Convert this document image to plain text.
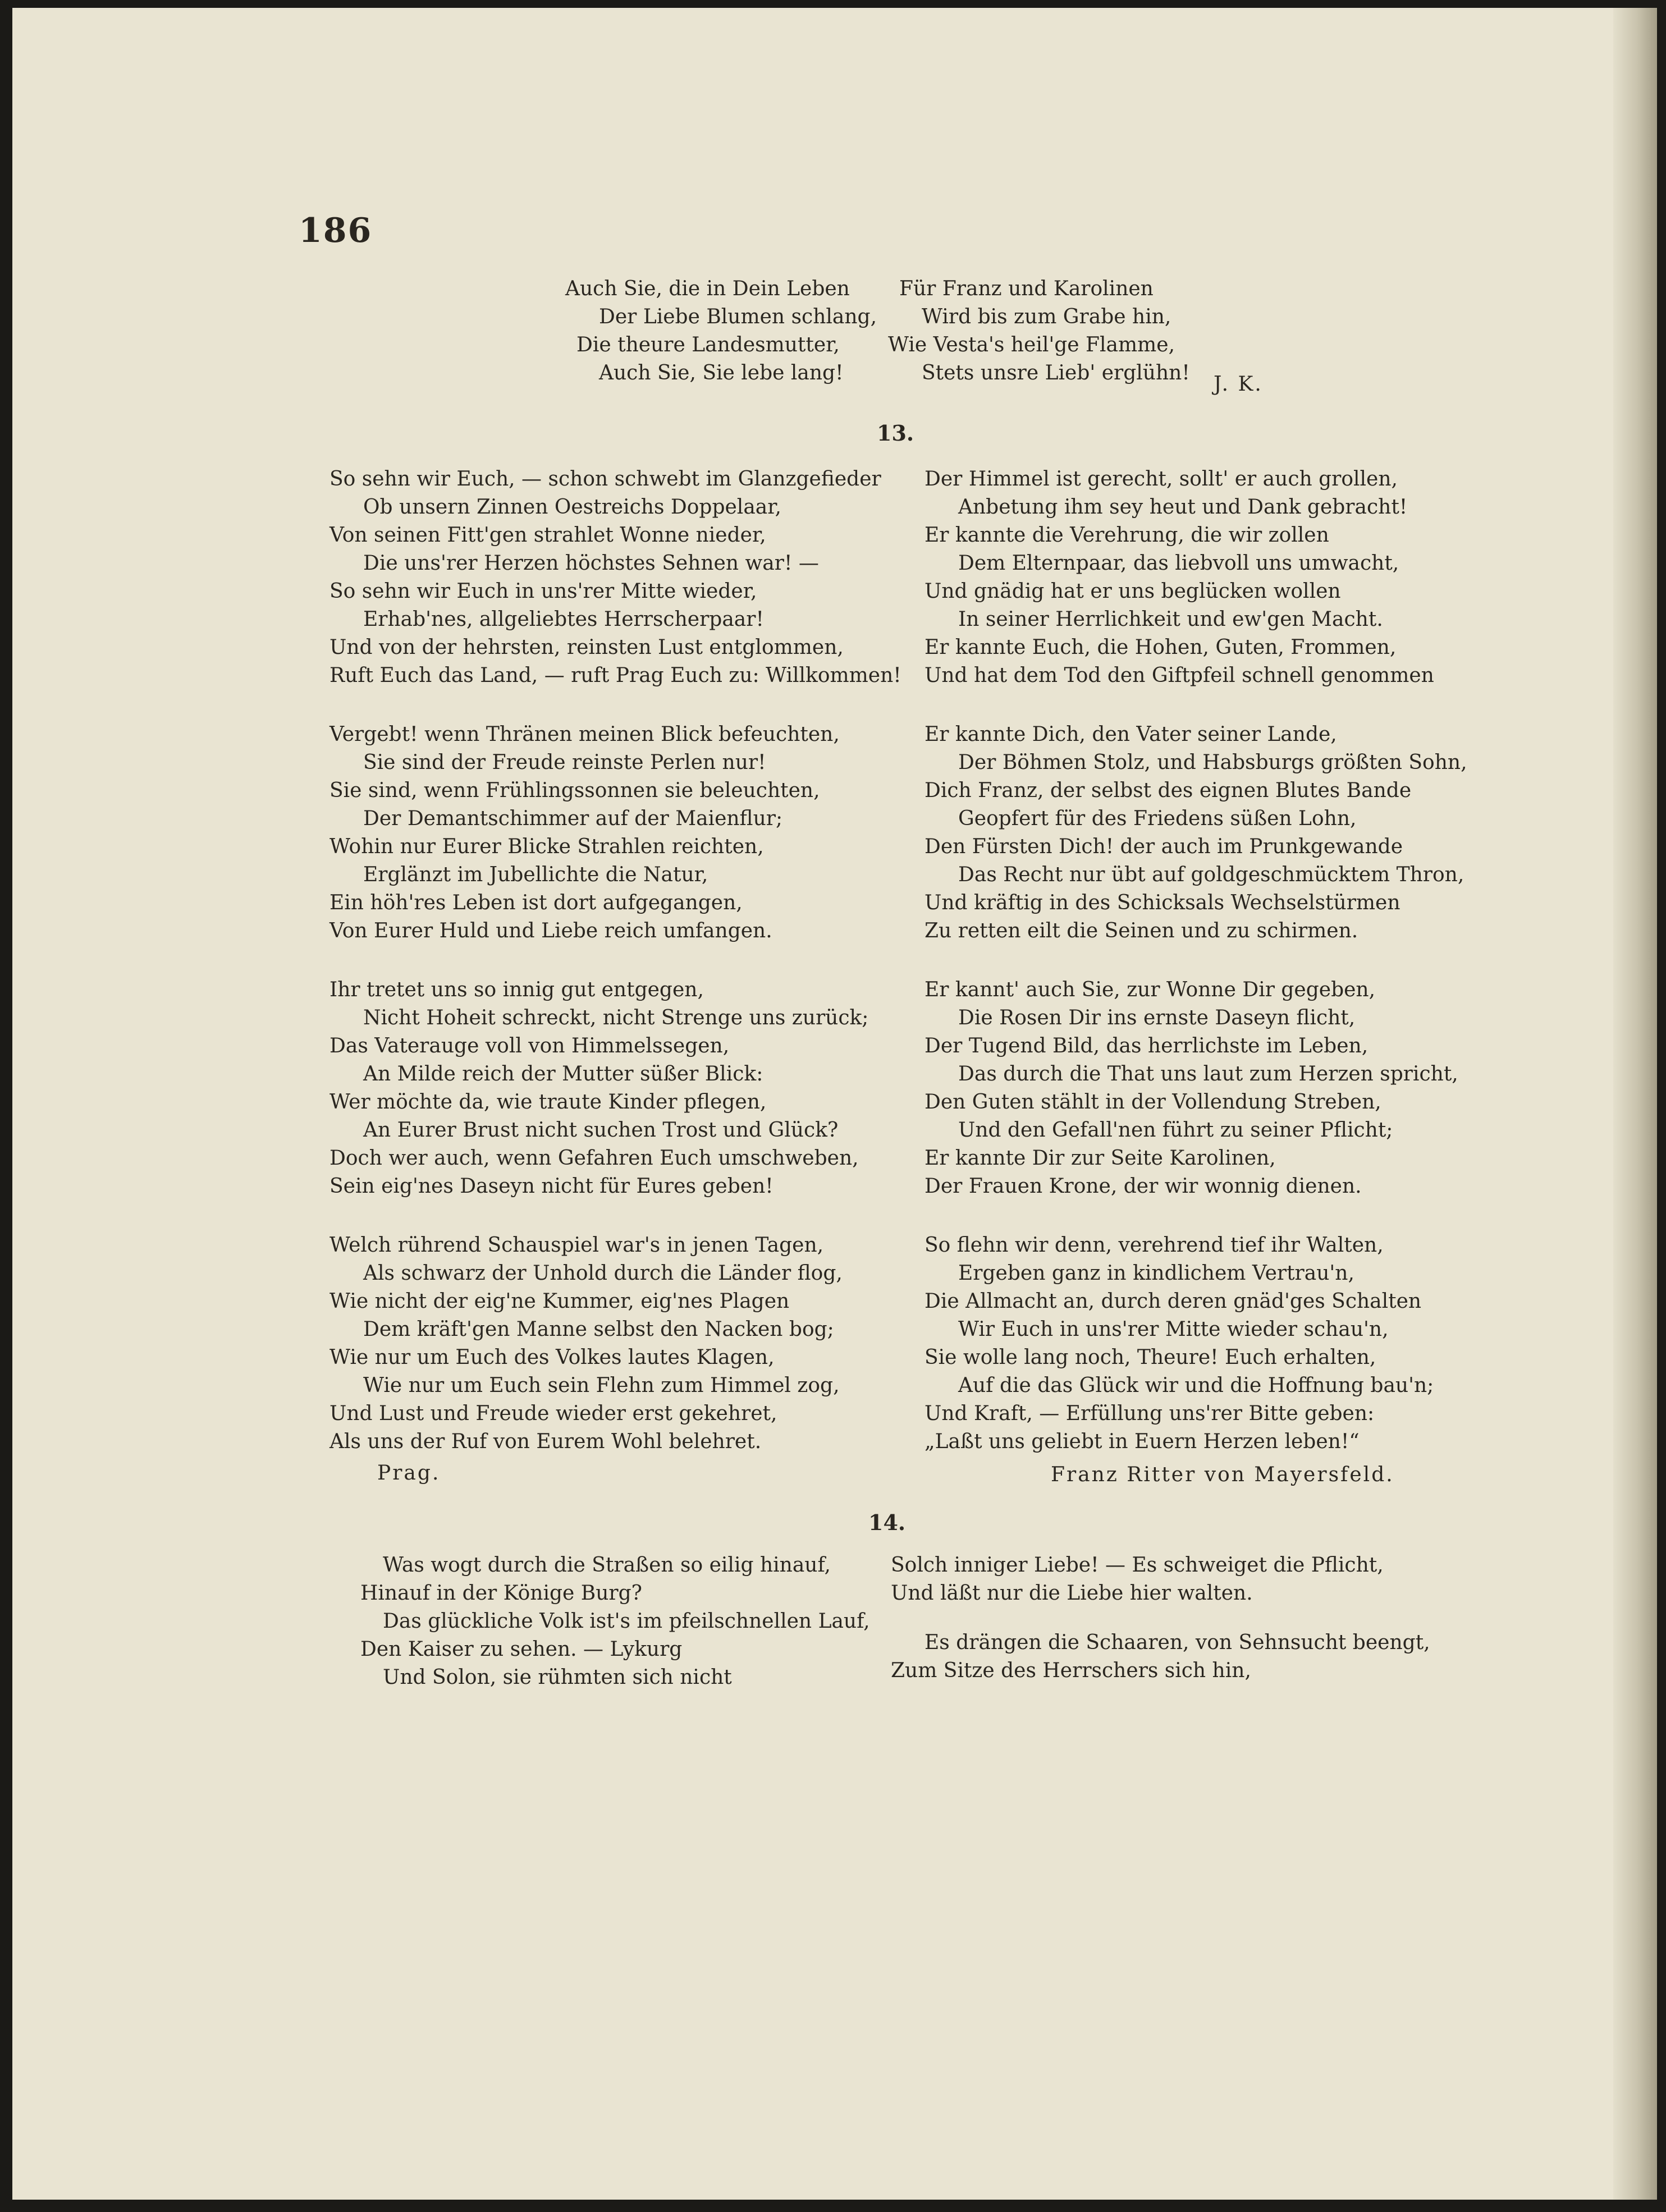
186
Auch Sie, die in Dein Leben
Der Liebe Blumen schlang,
Die theure Landesmutter,
Auch Sie, Sie lebe lang!
Für Franz und Karolinen
Wird bis zum Grabe hin,
Wie Vesta's heil'ge Flamme,
Stets unsre Lieb' erglühn! J. K.
13.
So sehn wir Euch, — schon schwebt im Glanzgefieder
Ob unsern Zinnen Oestreichs Doppelaar,
Von seinen Fitt'gen strahlet Wonne nieder,
Die uns'rer Herzen höchstes Sehnen war! —
So sehn wir Euch in uns'rer Mitte wieder,
Erhab'nes, allgeliebtes Herrscherpaar!
Und von der hehrsten, reinsten Lust entglommen,
Ruft Euch das Land, — ruft Prag Euch zu: Willkommen!
Vergebt! wenn Thränen meinen Blick befeuchten,
Sie sind der Freude reinste Perlen nur!
Sie sind, wenn Frühlingssonnen sie beleuchten,
Der Demantschimmer auf der Maienflur;
Wohin nur Eurer Blicke Strahlen reichten,
Erglänzt im Jubellichte die Natur,
Ein höh'res Leben ist dort aufgegangen,
Von Eurer Huld und Liebe reich umfangen.
Ihr tretet uns so innig gut entgegen,
Nicht Hoheit schreckt, nicht Strenge uns zurück;
Das Vaterauge voll von Himmelssegen,
An Milde reich der Mutter süßer Blick:
Wer möchte da, wie traute Kinder pflegen,
An Eurer Brust nicht suchen Trost und Glück?
Doch wer auch, wenn Gefahren Euch umschweben,
Sein eig'nes Daseyn nicht für Eures geben!
Welch rührend Schauspiel war's in jenen Tagen,
Als schwarz der Unhold durch die Länder flog,
Wie nicht der eig'ne Kummer, eig'nes Plagen
Dem kräft'gen Manne selbst den Nacken bog;
Wie nur um Euch des Volkes lautes Klagen,
Wie nur um Euch sein Flehn zum Himmel zog,
Und Lust und Freude wieder erst gekehret,
Als uns der Ruf von Eurem Wohl belehret.
Prag.
Der Himmel ist gerecht, sollt' er auch grollen,
Anbetung ihm sey heut und Dank gebracht!
Er kannte die Verehrung, die wir zollen
Dem Elternpaar, das liebvoll uns umwacht,
Und gnädig hat er uns beglücken wollen
In seiner Herrlichkeit und ew'gen Macht.
Er kannte Euch, die Hohen, Guten, Frommen,
Und hat dem Tod den Giftpfeil schnell genommen
Er kannte Dich, den Vater seiner Lande,
Der Böhmen Stolz, und Habsburgs größten Sohn,
Dich Franz, der selbst des eignen Blutes Bande
Geopfert für des Friedens süßen Lohn,
Den Fürsten Dich! der auch im Prunkgewande
Das Recht nur übt auf goldgeschmücktem Thron,
Und kräftig in des Schicksals Wechselstürmen
Zu retten eilt die Seinen und zu schirmen.
Er kannt' auch Sie, zur Wonne Dir gegeben,
Die Rosen Dir ins ernste Daseyn flicht,
Der Tugend Bild, das herrlichste im Leben,
Das durch die That uns laut zum Herzen spricht,
Den Guten stählt in der Vollendung Streben,
Und den Gefall'nen führt zu seiner Pflicht;
Er kannte Dir zur Seite Karolinen,
Der Frauen Krone, der wir wonnig dienen.
So flehn wir denn, verehrend tief ihr Walten,
Ergeben ganz in kindlichem Vertrau'n,
Die Allmacht an, durch deren gnäd'ges Schalten
Wir Euch in uns'rer Mitte wieder schau'n,
Sie wolle lang noch, Theure! Euch erhalten,
Auf die das Glück wir und die Hoffnung bau'n;
Und Kraft, — Erfüllung uns'rer Bitte geben:
„Laßt uns geliebt in Euern Herzen leben!“
Franz Ritter von Mayersfeld.
14.
Was wogt durch die Straßen so eilig hinauf,
Hinauf in der Könige Burg?
Das glückliche Volk ist's im pfeilschnellen Lauf,
Den Kaiser zu sehen. — Lykurg
Und Solon, sie rühmten sich nicht
Solch inniger Liebe! — Es schweiget die Pflicht,
Und läßt nur die Liebe hier walten.
Es drängen die Schaaren, von Sehnsucht beengt,
Zum Sitze des Herrschers sich hin,
